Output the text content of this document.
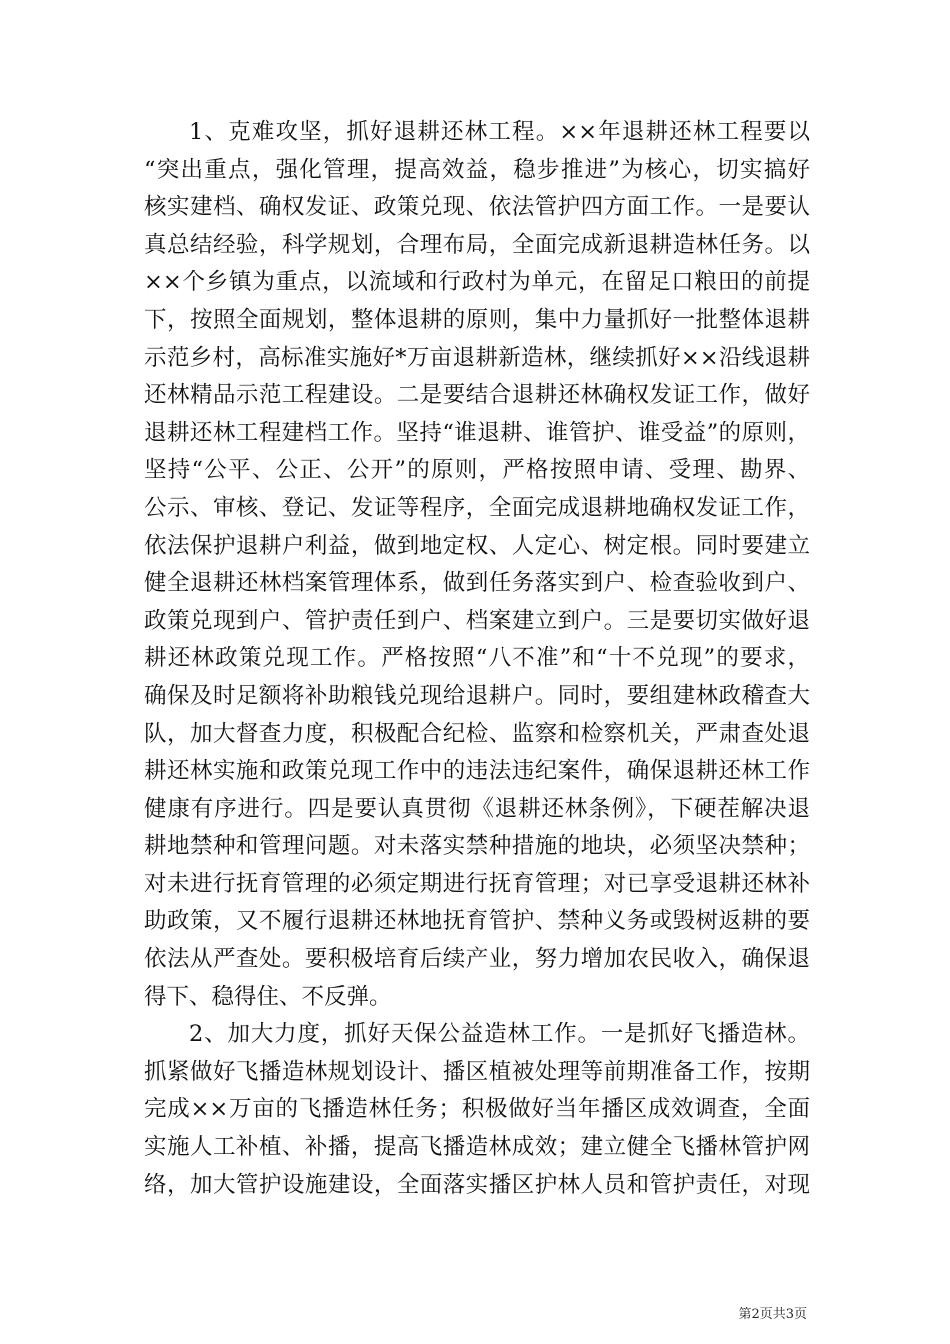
1、克难攻坚，抓好退耕还林工程。××年退耕还林工程要以
“突出重点，强化管理，提高效益，稳步推进”为核心，切实搞好
核实建档、确权发证、政策兑现、依法管护四方面工作。一是要认
真总结经验，科学规划，合理布局，全面完成新退耕造林任务。以
××个乡镇为重点，以流域和行政村为单元，在留足口粮田的前提
下，按照全面规划，整体退耕的原则，集中力量抓好一批整体退耕
示范乡村，高标准实施好*万亩退耕新造林，继续抓好××沿线退耕
还林精品示范工程建设。二是要结合退耕还林确权发证工作，做好
退耕还林工程建档工作。坚持“谁退耕、谁管护、谁受益”的原则，
坚持“公平、公正、公开”的原则，严格按照申请、受理、勘界、
公示、审核、登记、发证等程序，全面完成退耕地确权发证工作，
依法保护退耕户利益，做到地定权、人定心、树定根。同时要建立
健全退耕还林档案管理体系，做到任务落实到户、检查验收到户、
政策兑现到户、管护责任到户、档案建立到户。三是要切实做好退
耕还林政策兑现工作。严格按照“八不准”和“十不兑现”的要求，
确保及时足额将补助粮钱兑现给退耕户。同时，要组建林政稽查大
队，加大督查力度，积极配合纪检、监察和检察机关，严肃查处退
耕还林实施和政策兑现工作中的违法违纪案件，确保退耕还林工作
健康有序进行。四是要认真贯彻《退耕还林条例》，下硬茬解决退
耕地禁种和管理问题。对未落实禁种措施的地块，必须坚决禁种；
对未进行抚育管理的必须定期进行抚育管理；对已享受退耕还林补
助政策，又不履行退耕还林地抚育管护、禁种义务或毁树返耕的要
依法从严查处。要积极培育后续产业，努力增加农民收入，确保退
得下、稳得住、不反弹。
2、加大力度，抓好天保公益造林工作。一是抓好飞播造林。
抓紧做好飞播造林规划设计、播区植被处理等前期准备工作，按期
完成××万亩的飞播造林任务；积极做好当年播区成效调查，全面
实施人工补植、补播，提高飞播造林成效；建立健全飞播林管护网
络，加大管护设施建设，全面落实播区护林人员和管护责任，对现
第2页共3页
